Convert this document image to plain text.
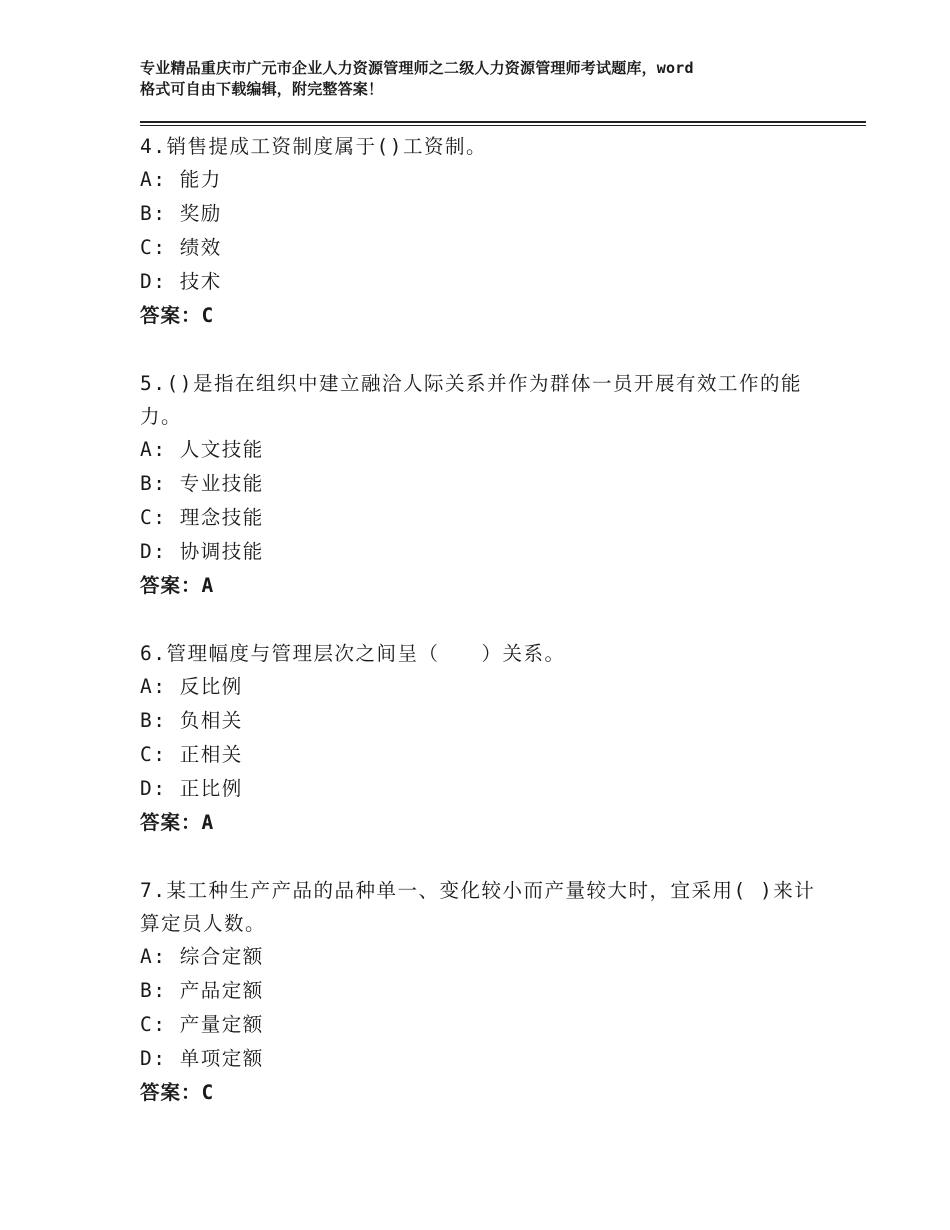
专业精品重庆市广元市企业人力资源管理师之二级人力资源管理师考试题库，word
格式可自由下载编辑，附完整答案！

4.销售提成工资制度属于()工资制。

A: 能力

B: 奖励

C: 绩效

D: 技术

答案：C

5.()是指在组织中建立融洽人际关系并作为群体一员开展有效工作的能力。

A: 人文技能

B: 专业技能

C: 理念技能

D: 协调技能

答案：A

6.管理幅度与管理层次之间呈（　　）关系。

A: 反比例

B: 负相关

C: 正相关

D: 正比例

答案：A

7.某工种生产产品的品种单一、变化较小而产量较大时，宜采用( )来计算定员人数。

A: 综合定额

B: 产品定额

C: 产量定额

D: 单项定额

答案：C
